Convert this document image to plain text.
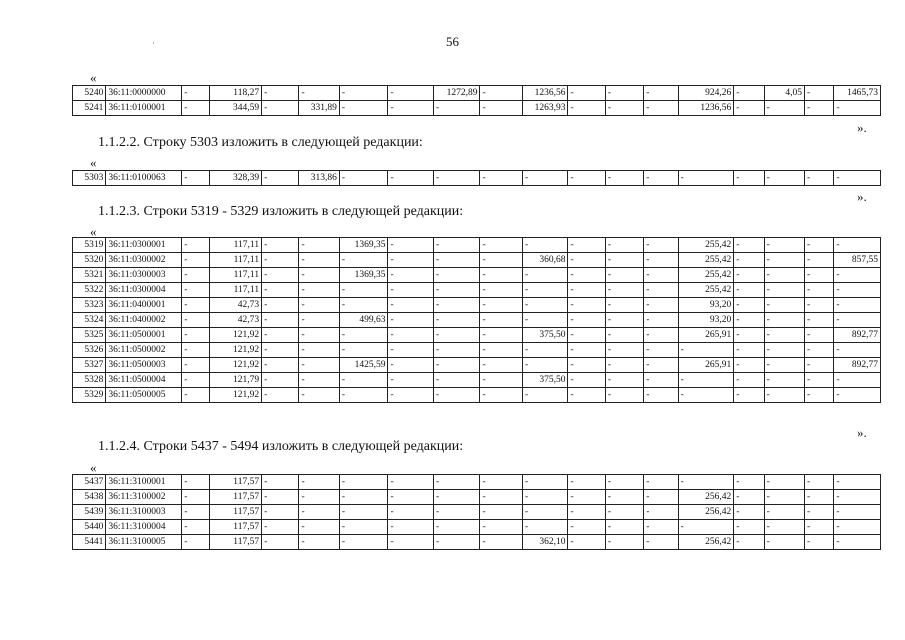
56
·
«
5240	36:11:0000000	-	118,27	-	-	-	-	1272,89	-	1236,56	-	-	-	924,26	-	4,05	-	1465,73
5241	36:11:0100001	-	344,59	-	331,89	-	-	-	-	1263,93	-	-	-	1236,56	-	-	-	-
».
1.1.2.2. Строку 5303 изложить в следующей редакции:
«
5303	36:11:0100063	-	328,39	-	313,86	-	-	-	-	-	-	-	-	-	-	-	-	-
».
1.1.2.3. Строки 5319 - 5329 изложить в следующей редакции:
«
5319	36:11:0300001	-	117,11	-	-	1369,35	-	-	-	-	-	-	-	255,42	-	-	-	-
5320	36:11:0300002	-	117,11	-	-	-	-	-	-	360,68	-	-	-	255,42	-	-	-	857,55
5321	36:11:0300003	-	117,11	-	-	1369,35	-	-	-	-	-	-	-	255,42	-	-	-	-
5322	36:11:0300004	-	117,11	-	-	-	-	-	-	-	-	-	-	255,42	-	-	-	-
5323	36:11:0400001	-	42,73	-	-	-	-	-	-	-	-	-	-	93,20	-	-	-	-
5324	36:11:0400002	-	42,73	-	-	499,63	-	-	-	-	-	-	-	93,20	-	-	-	-
5325	36:11:0500001	-	121,92	-	-	-	-	-	-	375,50	-	-	-	265,91	-	-	-	892,77
5326	36:11:0500002	-	121,92	-	-	-	-	-	-	-	-	-	-	-	-	-	-	-
5327	36:11:0500003	-	121,92	-	-	1425,59	-	-	-	-	-	-	-	265,91	-	-	-	892,77
5328	36:11:0500004	-	121,79	-	-	-	-	-	-	375,50	-	-	-	-	-	-	-	-
5329	36:11:0500005	-	121,92	-	-	-	-	-	-	-	-	-	-	-	-	-	-	-
».
1.1.2.4. Строки 5437 - 5494 изложить в следующей редакции:
«
5437	36:11:3100001	-	117,57	-	-	-	-	-	-	-	-	-	-	-	-	-	-	-
5438	36:11:3100002	-	117,57	-	-	-	-	-	-	-	-	-	-	256,42	-	-	-	-
5439	36:11:3100003	-	117,57	-	-	-	-	-	-	-	-	-	-	256,42	-	-	-	-
5440	36:11:3100004	-	117,57	-	-	-	-	-	-	-	-	-	-	-	-	-	-	-
5441	36:11:3100005	-	117,57	-	-	-	-	-	-	362,10	-	-	-	256,42	-	-	-	-
